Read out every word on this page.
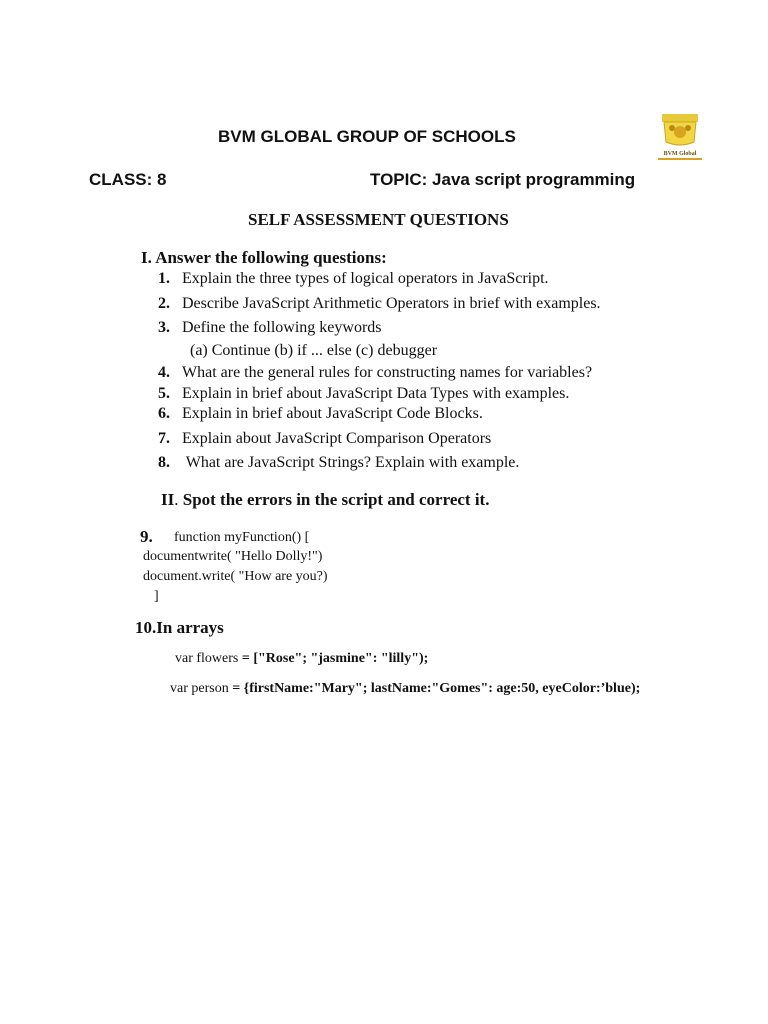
BVM GLOBAL GROUP OF SCHOOLS
BVM Global
CLASS: 8	TOPIC: Java script programming
SELF ASSESSMENT QUESTIONS
I. Answer the following questions:
1. Explain the three types of logical operators in JavaScript.
2. Describe JavaScript Arithmetic Operators in brief with examples.
3. Define the following keywords
(a) Continue (b) if ... else (c) debugger
4. What are the general rules for constructing names for variables?
5. Explain in brief about JavaScript Data Types with examples.
6. Explain in brief about JavaScript Code Blocks.
7. Explain about JavaScript Comparison Operators
8. What are JavaScript Strings? Explain with example.
II. Spot the errors in the script and correct it.
9. function myFunction() [
documentwrite( "Hello Dolly!")
document.write( "How are you?)
]
10.In arrays
var flowers = ["Rose"; "jasmine": "lilly");
var person = {firstName:"Mary"; lastName:"Gomes": age:50, eyeColor:’blue);
